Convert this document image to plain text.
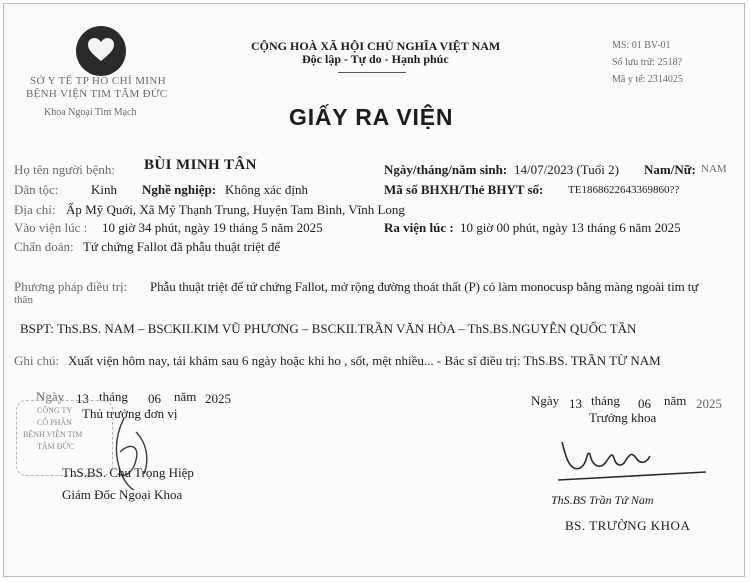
SỞ Y TẾ TP HỒ CHÍ MINH
BỆNH VIỆN TIM TÂM ĐỨC
Khoa Ngoại Tim Mạch
CỘNG HOÀ XÃ HỘI CHỦ NGHĨA VIỆT NAM
Độc lập - Tự do - Hạnh phúc
MS: 01 BV-01
Số lưu trữ: 2518?
Mã y tế: 2314025
GIẤY RA VIỆN
Họ tên người bệnh: BÙI MINH TÂN	Ngày/tháng/năm sinh: 14/07/2023 (Tuổi 2) Nam/Nữ: NAM
Dân tộc:	Kinh Nghề nghiệp: Không xác định	Mã số BHXH/Thẻ BHYT số: TE1868622643369860??
Địa chỉ: Ấp Mỹ Quới, Xã Mỹ Thạnh Trung, Huyện Tam Bình, Vĩnh Long
Vào viện lúc : 10 giờ 34 phút, ngày 19 tháng 5 năm 2025	Ra viện lúc : 10 giờ 00 phút, ngày 13 tháng 6 năm 2025
Chẩn đoán: Tứ chứng Fallot đã phẫu thuật triệt để
Phương pháp điều trị: Phẫu thuật triệt để tứ chứng Fallot, mở rộng đường thoát thất (P) có làm monocusp bằng màng ngoài tim tự
thân
BSPT: ThS.BS. NAM – BSCKII.KIM VŨ PHƯƠNG – BSCKII.TRẦN VĂN HÒA – ThS.BS.NGUYỄN QUỐC TẦN
Ghi chú: Xuất viện hôm nay, tái khám sau 6 ngày hoặc khi ho , sốt, mệt nhiều... - Bác sĩ điều trị: ThS.BS. TRẦN TỪ NAM
Ngày 13 tháng 06 năm 2025
Thủ trưởng đơn vị
CÔNG TY
CỔ PHẦN
BỆNH VIỆN TIM
TÂM ĐỨC
ThS.BS. Chu Trọng Hiệp
Giám Đốc Ngoại Khoa
Ngày 13 tháng 06 năm 2025
Trưởng khoa
ThS.BS Trần Tứ Nam
BS. TRƯỜNG KHOA
